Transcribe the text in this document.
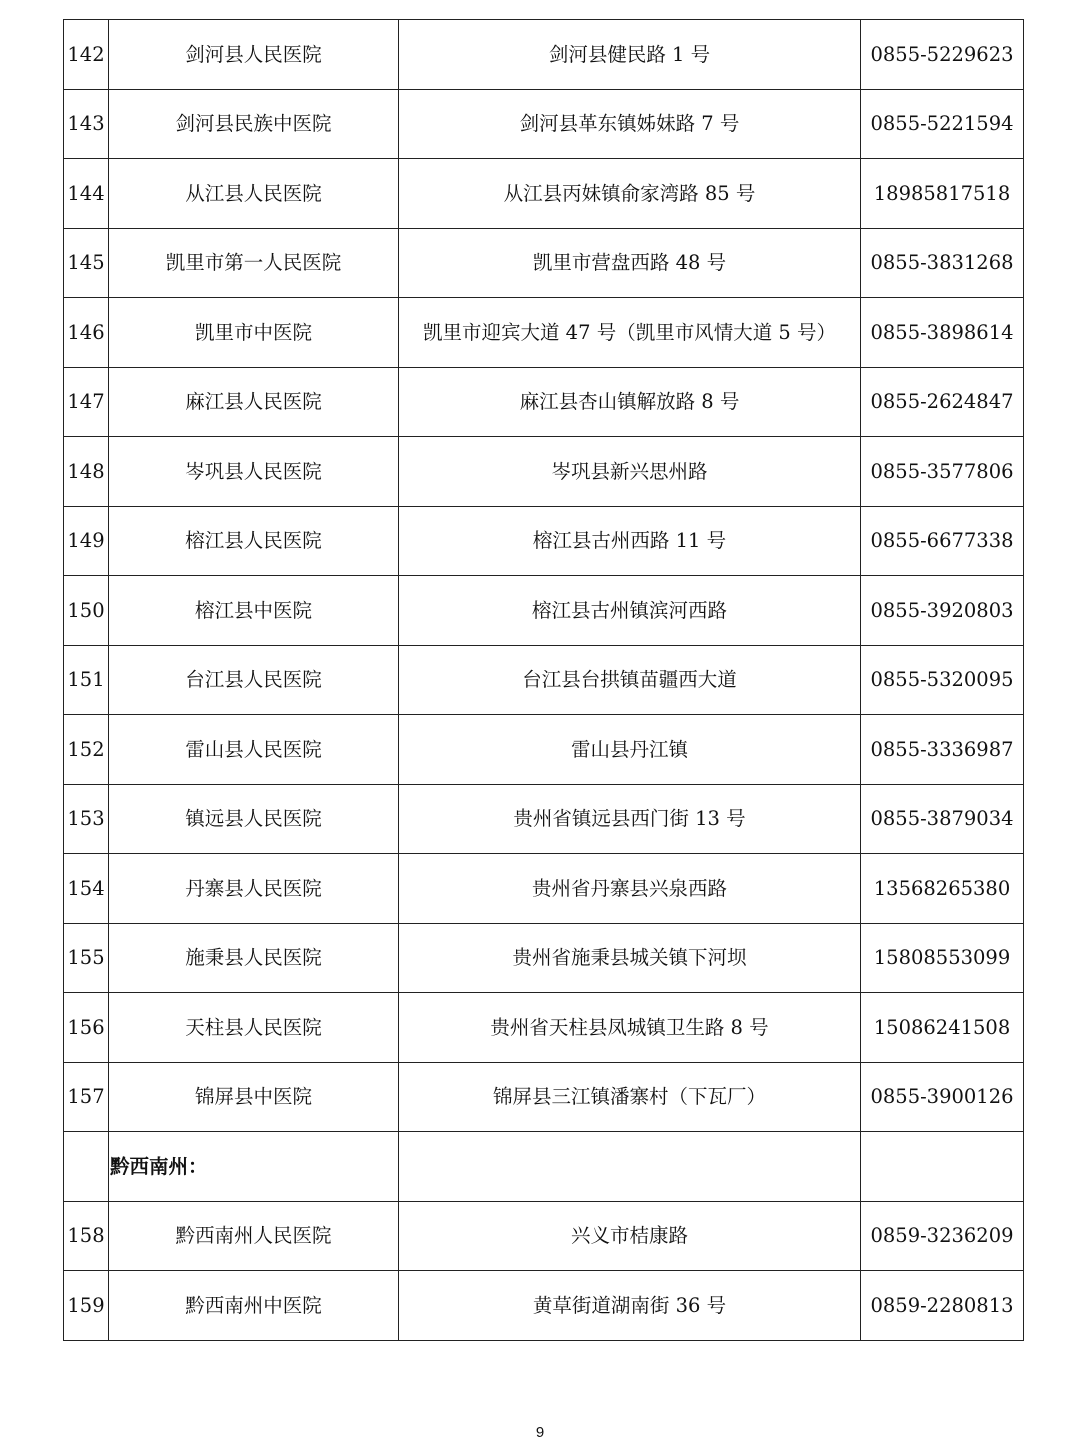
142	剑河县人民医院	剑河县健民路 1 号	0855-5229623
143	剑河县民族中医院	剑河县革东镇姊妹路 7 号	0855-5221594
144	从江县人民医院	从江县丙妹镇俞家湾路 85 号	18985817518
145	凯里市第一人民医院	凯里市营盘西路 48 号	0855-3831268
146	凯里市中医院	凯里市迎宾大道 47 号（凯里市风情大道 5 号）	0855-3898614
147	麻江县人民医院	麻江县杏山镇解放路 8 号	0855-2624847
148	岑巩县人民医院	岑巩县新兴思州路	0855-3577806
149	榕江县人民医院	榕江县古州西路 11 号	0855-6677338
150	榕江县中医院	榕江县古州镇滨河西路	0855-3920803
151	台江县人民医院	台江县台拱镇苗疆西大道	0855-5320095
152	雷山县人民医院	雷山县丹江镇	0855-3336987
153	镇远县人民医院	贵州省镇远县西门街 13 号	0855-3879034
154	丹寨县人民医院	贵州省丹寨县兴泉西路	13568265380
155	施秉县人民医院	贵州省施秉县城关镇下河坝	15808553099
156	天柱县人民医院	贵州省天柱县凤城镇卫生路 8 号	15086241508
157	锦屏县中医院	锦屏县三江镇潘寨村（下瓦厂）	0855-3900126
	黔西南州：		
158	黔西南州人民医院	兴义市桔康路	0859-3236209
159	黔西南州中医院	黄草街道湖南街 36 号	0859-2280813
9
